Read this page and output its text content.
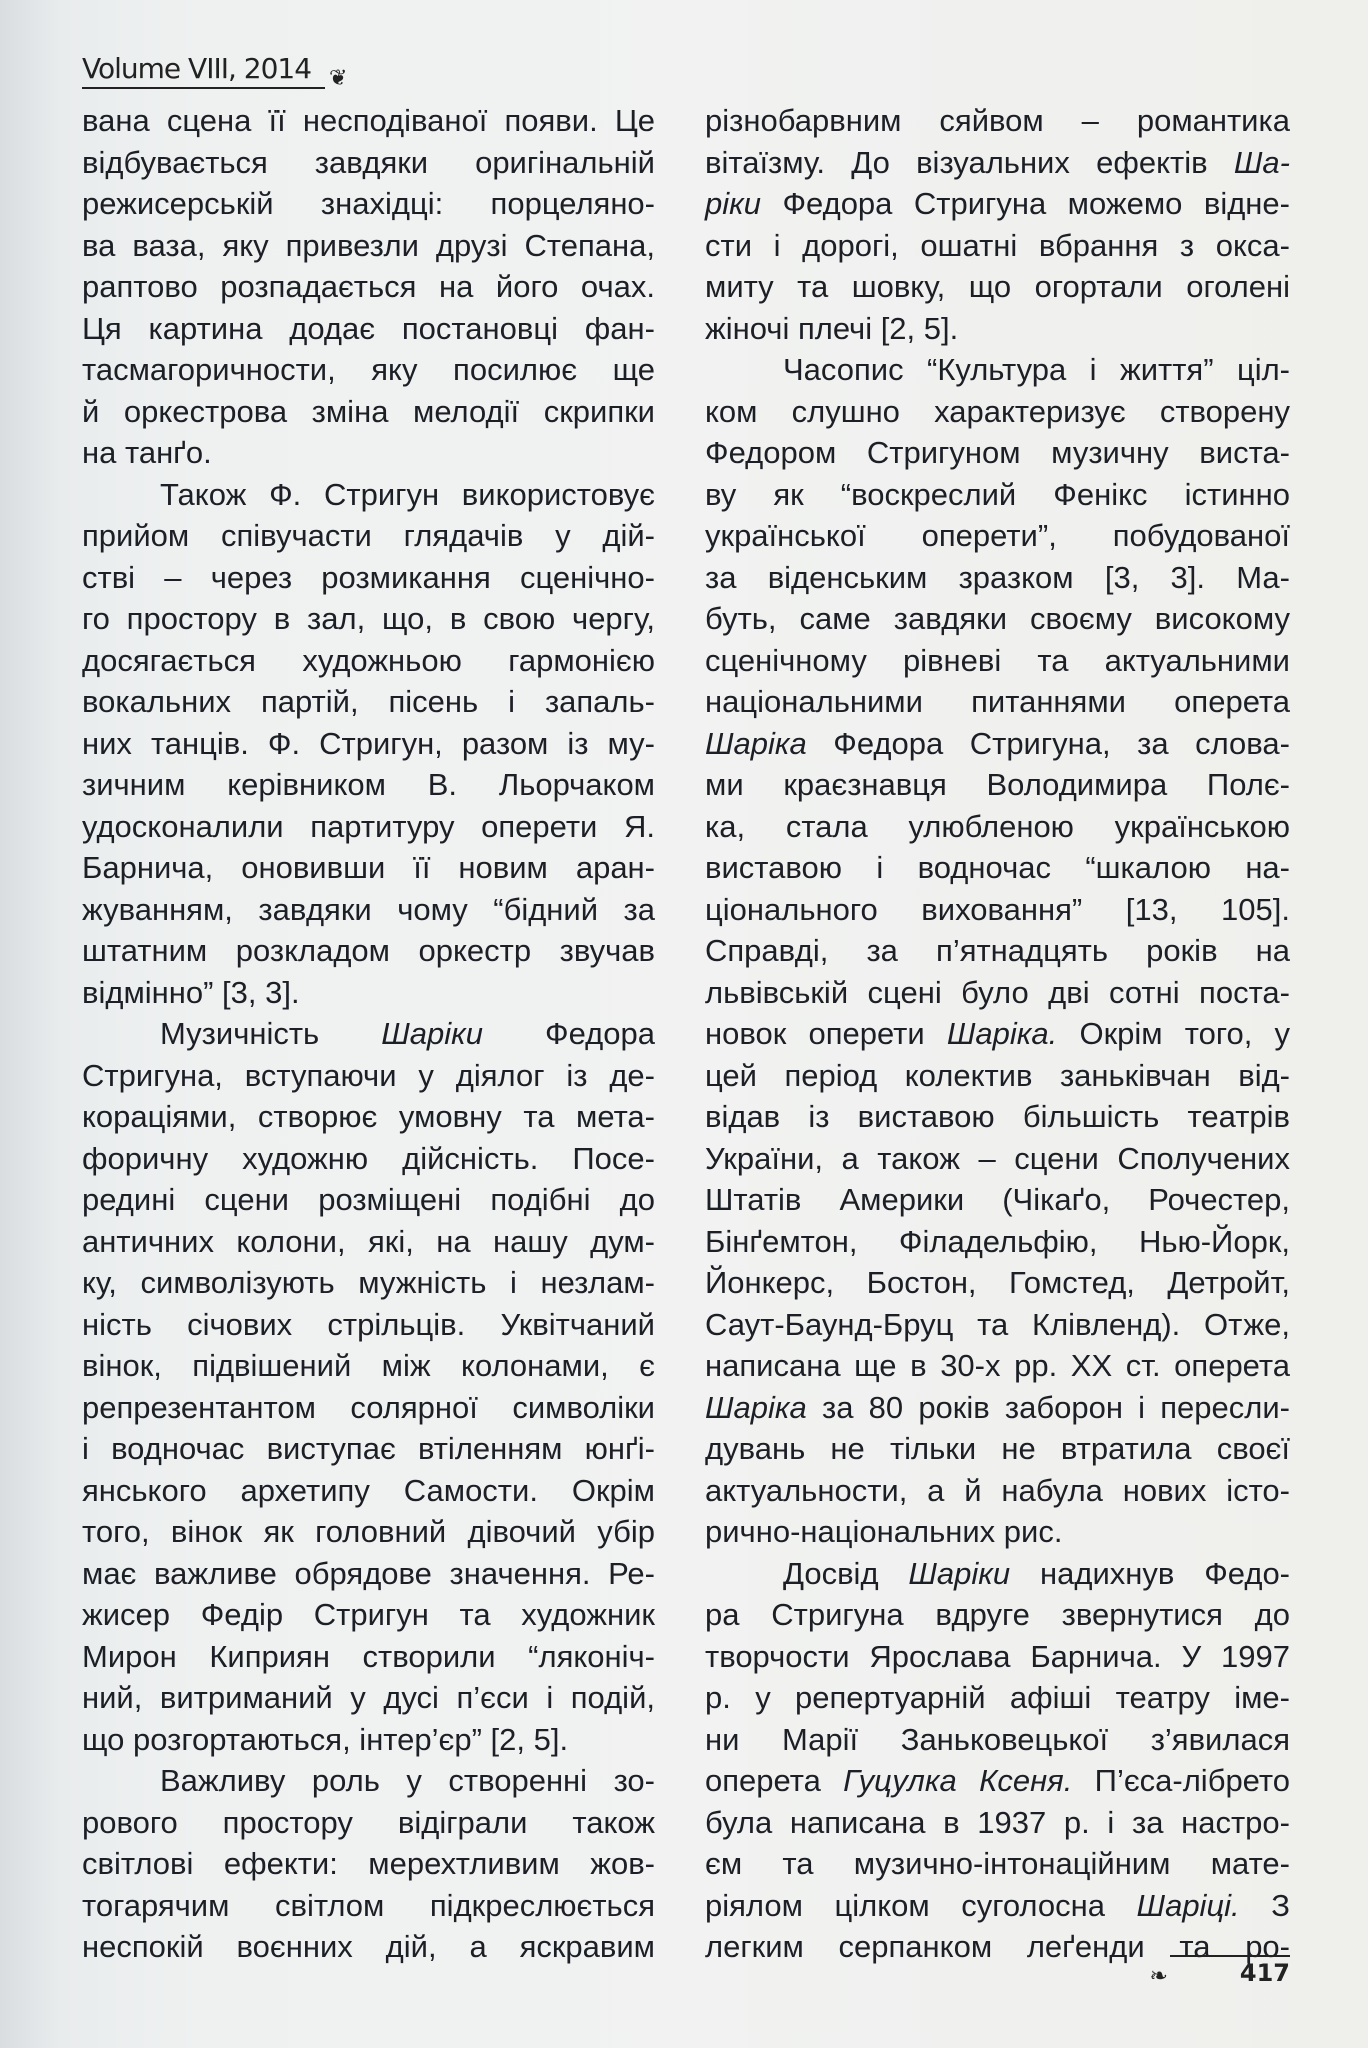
Volume VIII, 2014 ❦
вана сцена її несподіваної появи. Це
відбувається завдяки оригінальній
режисерській знахідці: порцеляно-
ва ваза, яку привезли друзі Степана,
раптово розпадається на його очах.
Ця картина додає постановці фан-
тасмагоричности, яку посилює ще
й оркестрова зміна мелодії скрипки
на танґо.
Також Ф. Стригун використовує
прийом співучасти глядачів у дій-
стві – через розмикання сценічно-
го простору в зал, що, в свою чергу,
досягається художньою гармонією
вокальних партій, пісень і запаль-
них танців. Ф. Стригун, разом із му-
зичним керівником В. Льорчаком
удосконалили партитуру оперети Я.
Барнича, оновивши її новим аран-
жуванням, завдяки чому “бідний за
штатним розкладом оркестр звучав
відмінно” [3, 3].
Музичність Шаріки Федора
Стригуна, вступаючи у діялог із де-
кораціями, створює умовну та мета-
форичну художню дійсність. Посе-
редині сцени розміщені подібні до
античних колони, які, на нашу дум-
ку, символізують мужність і незлам-
ність січових стрільців. Уквітчаний
вінок, підвішений між колонами, є
репрезентантом солярної символіки
і водночас виступає втіленням юнґі-
янського архетипу Самости. Окрім
того, вінок як головний дівочий убір
має важливе обрядове значення. Ре-
жисер Федір Стригун та художник
Мирон Киприян створили “ляконіч-
ний, витриманий у дусі п’єси і подій,
що розгортаються, інтер’єр” [2, 5].
Важливу роль у створенні зо-
рового простору відіграли також
світлові ефекти: мерехтливим жов-
тогарячим світлом підкреслюється
неспокій воєнних дій, а яскравим
різнобарвним сяйвом – романтика
вітаїзму. До візуальних ефектів Ша-
ріки Федора Стригуна можемо відне-
сти і дорогі, ошатні вбрання з окса-
миту та шовку, що огортали оголені
жіночі плечі [2, 5].
Часопис “Культура і життя” ціл-
ком слушно характеризує створену
Федором Стригуном музичну виста-
ву як “воскреслий Фенікс істинно
української оперети”, побудованої
за віденським зразком [3, 3]. Ма-
буть, саме завдяки своєму високому
сценічному рівневі та актуальними
національними питаннями оперета
Шаріка Федора Стригуна, за слова-
ми краєзнавця Володимира Полє-
ка, стала улюбленою українською
виставою і водночас “шкалою на-
ціонального виховання” [13, 105].
Справді, за п’ятнадцять років на
львівській сцені було дві сотні поста-
новок оперети Шаріка. Окрім того, у
цей період колектив заньківчан від-
відав із виставою більшість театрів
України, а також – сцени Сполучених
Штатів Америки (Чікаґо, Рочестер,
Бінґемтон, Філадельфію, Нью-Йорк,
Йонкерс, Бостон, Гомстед, Детройт,
Саут-Баунд-Бруц та Клівленд). Отже,
написана ще в 30-х рр. XX ст. оперета
Шаріка за 80 років заборон і пересли-
дувань не тільки не втратила своєї
актуальности, а й набула нових істо-
рично-національних рис.
Досвід Шаріки надихнув Федо-
ра Стригуна вдруге звернутися до
творчости Ярослава Барнича. У 1997
р. у репертуарній афіші театру іме-
ни Марії Заньковецької з’явилася
оперета Гуцулка Ксеня. П’єса-лібрето
була написана в 1937 р. і за настро-
єм та музично-інтонаційним мате-
ріялом цілком суголосна Шаріці. З
легким серпанком леґенди та ро-
❧	417
